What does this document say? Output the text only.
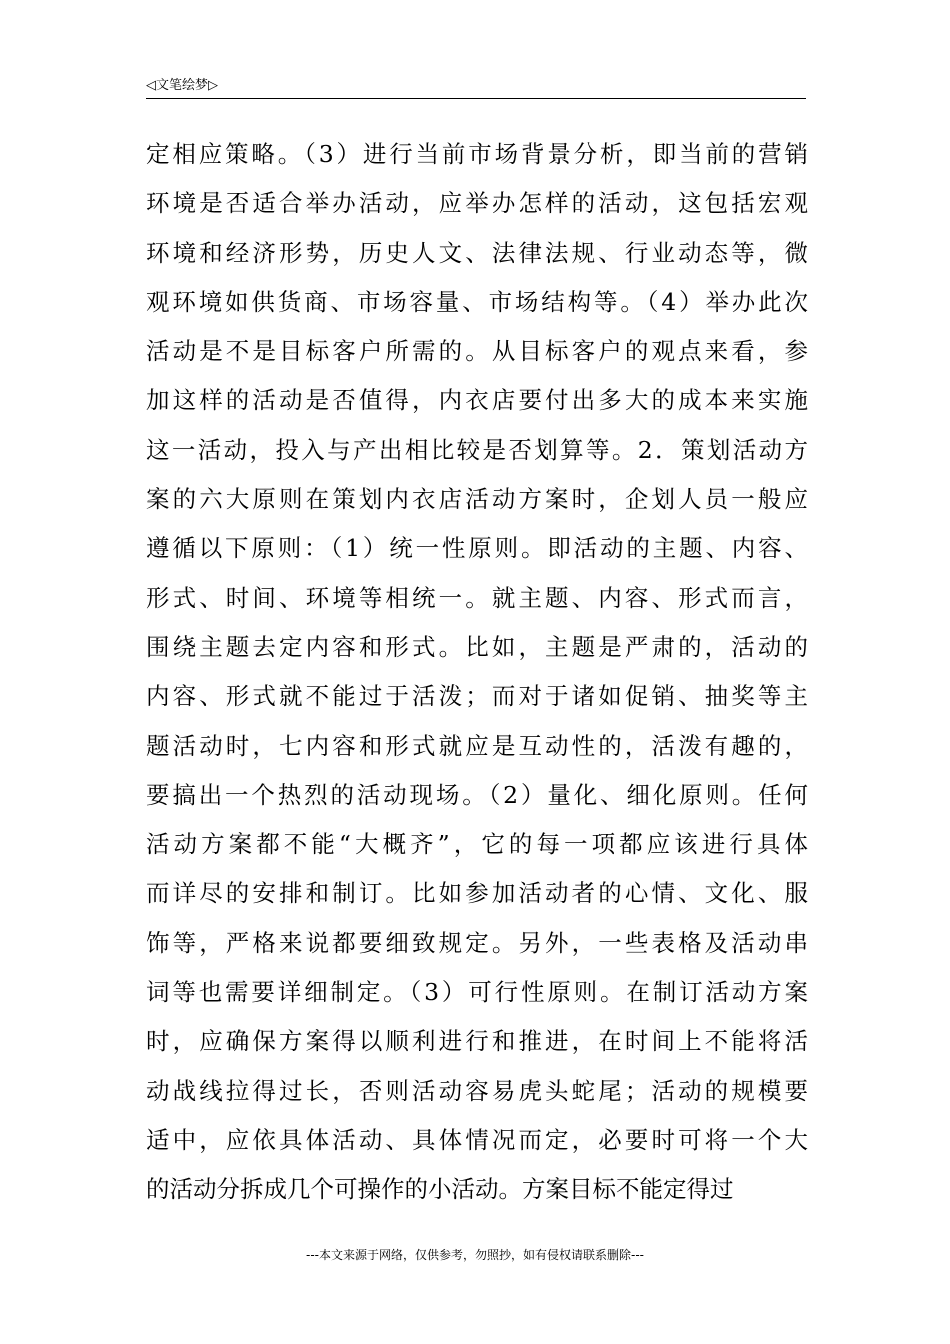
◁文笔绘梦▷
定相应策略。（3）进行当前市场背景分析，即当前的营销
环境是否适合举办活动，应举办怎样的活动，这包括宏观
环境和经济形势，历史人文、法律法规、行业动态等，微
观环境如供货商、市场容量、市场结构等。（4）举办此次
活动是不是目标客户所需的。从目标客户的观点来看，参
加这样的活动是否值得，内衣店要付出多大的成本来实施
这一活动，投入与产出相比较是否划算等。2．策划活动方
案的六大原则在策划内衣店活动方案时，企划人员一般应
遵循以下原则：（1）统一性原则。即活动的主题、内容、
形式、时间、环境等相统一。就主题、内容、形式而言，
围绕主题去定内容和形式。比如，主题是严肃的，活动的
内容、形式就不能过于活泼；而对于诸如促销、抽奖等主
题活动时，七内容和形式就应是互动性的，活泼有趣的，
要搞出一个热烈的活动现场。（2）量化、细化原则。任何
活动方案都不能“大概齐”，它的每一项都应该进行具体
而详尽的安排和制订。比如参加活动者的心情、文化、服
饰等，严格来说都要细致规定。另外，一些表格及活动串
词等也需要详细制定。（3）可行性原则。在制订活动方案
时，应确保方案得以顺利进行和推进，在时间上不能将活
动战线拉得过长，否则活动容易虎头蛇尾；活动的规模要
适中，应依具体活动、具体情况而定，必要时可将一个大
的活动分拆成几个可操作的小活动。方案目标不能定得过
---本文来源于网络，仅供参考，勿照抄，如有侵权请联系删除---
